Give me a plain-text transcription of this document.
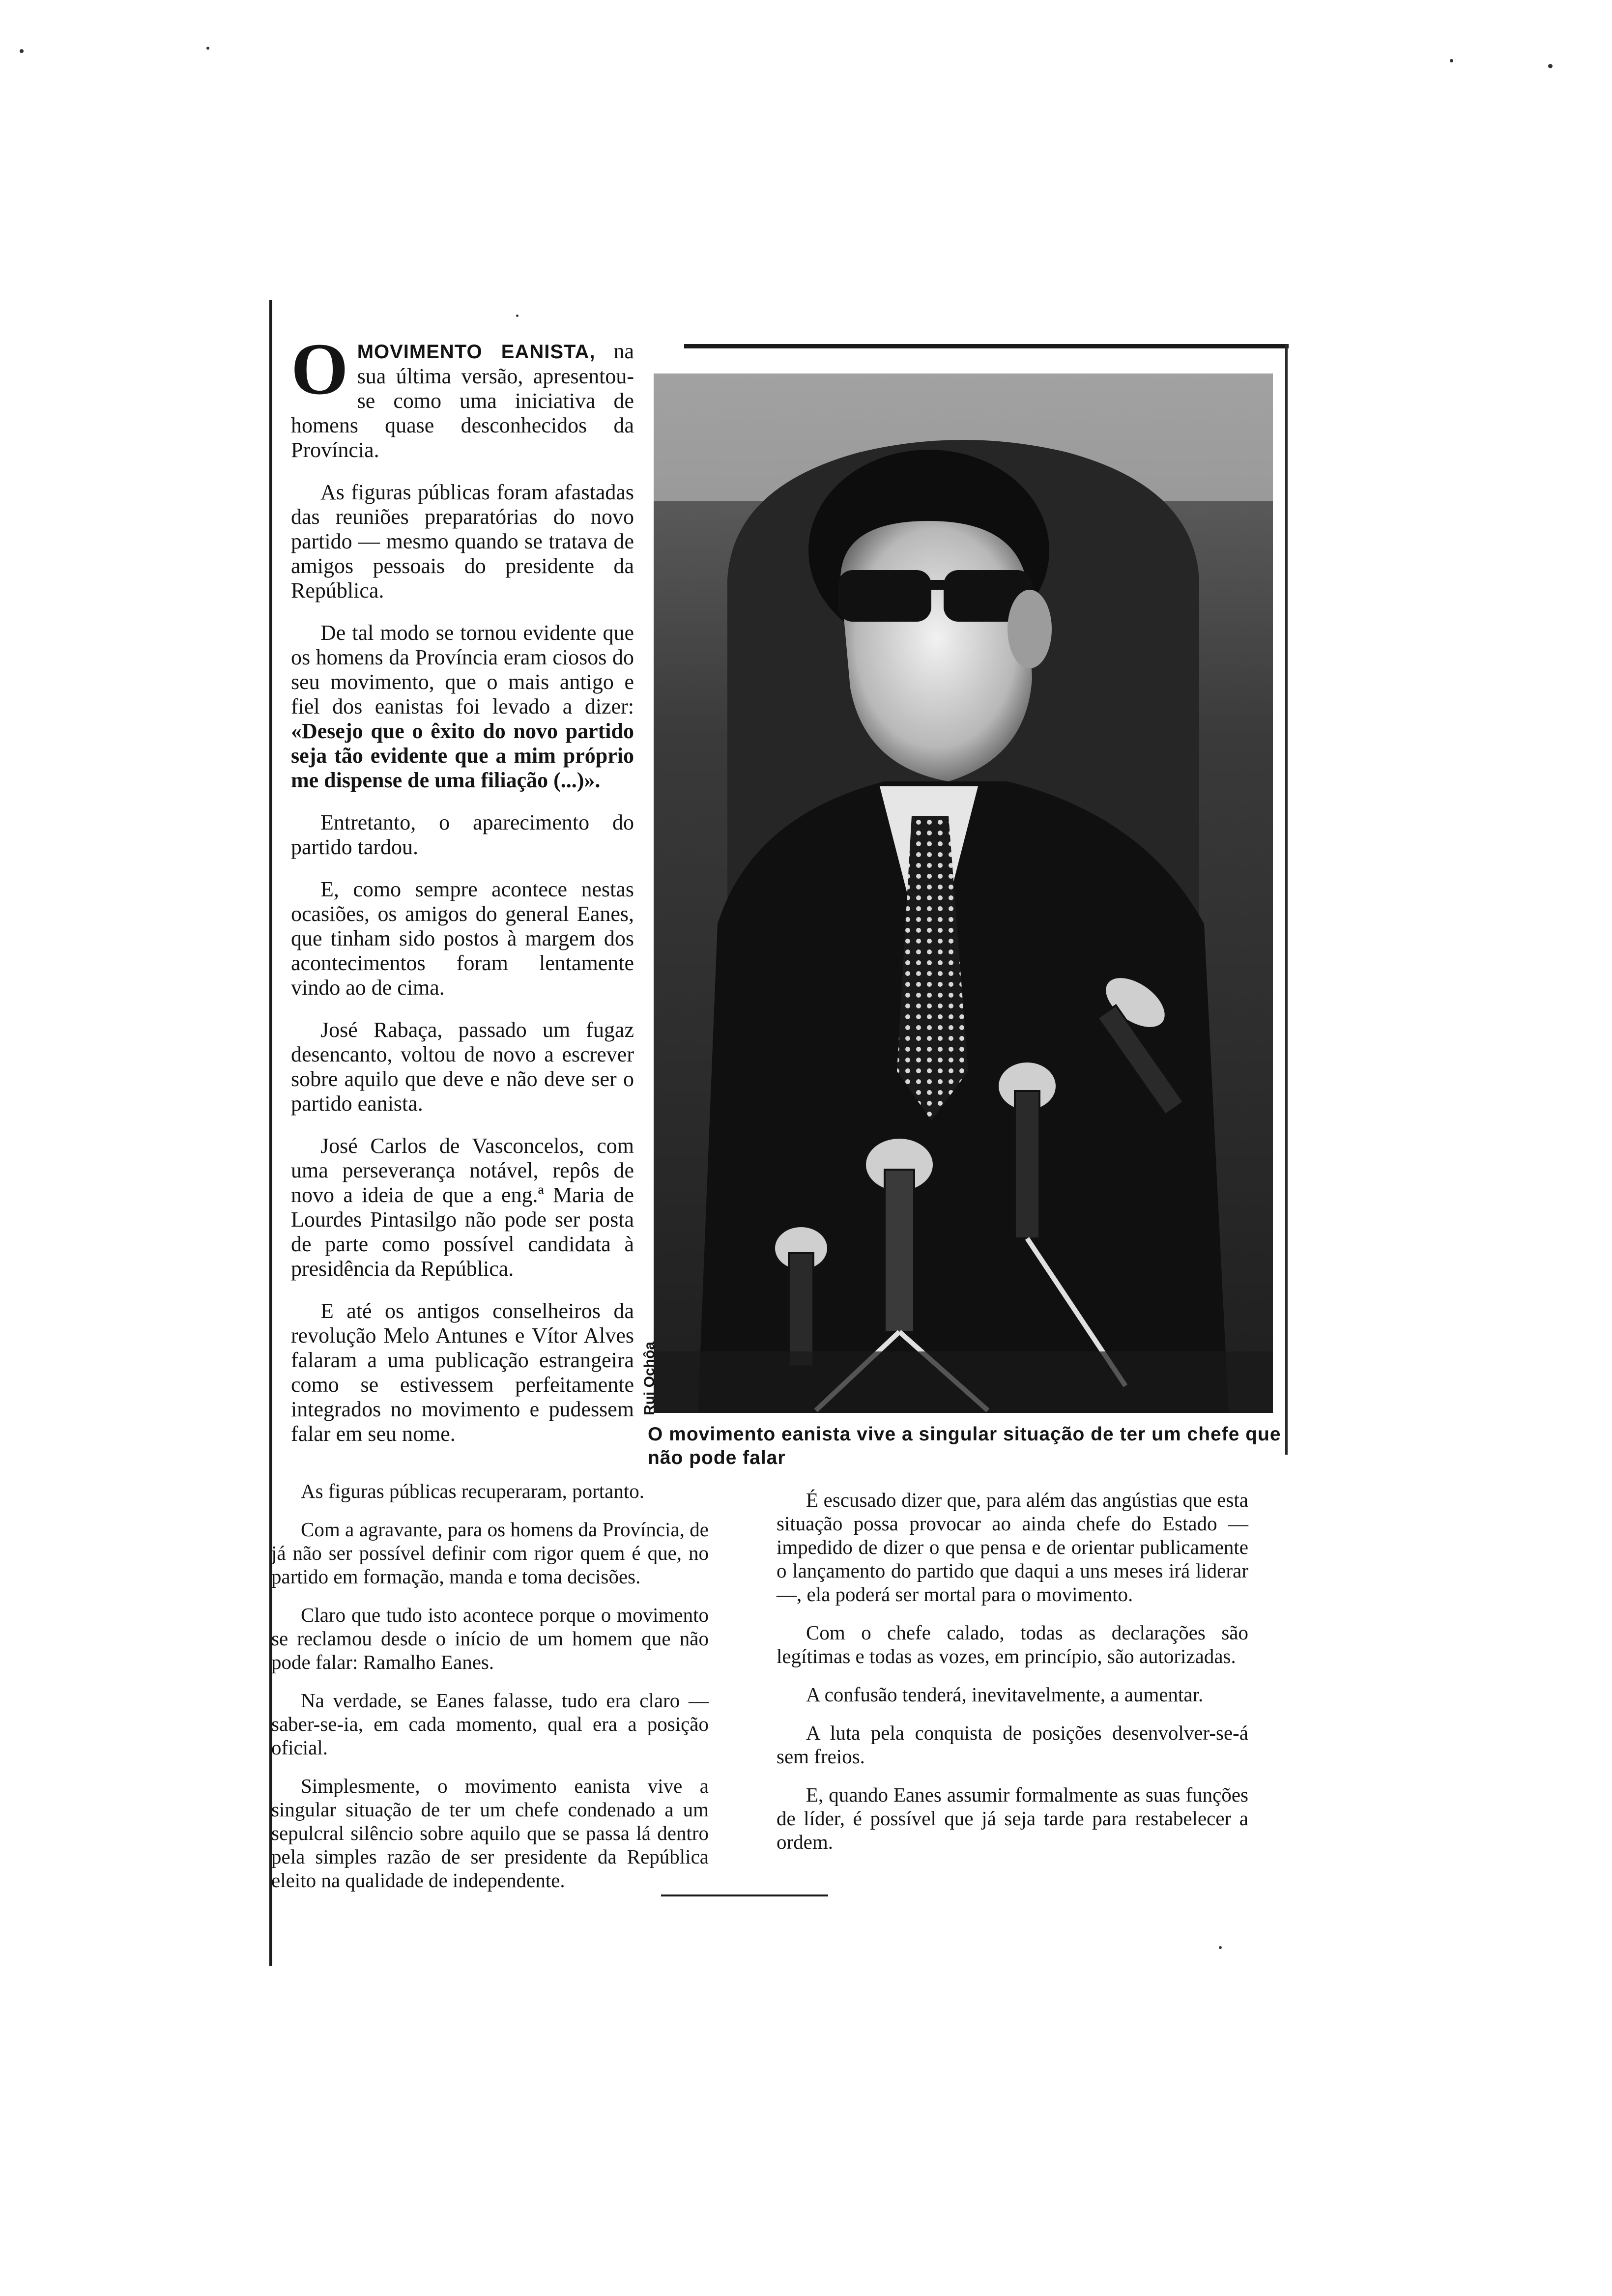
OMOVIMENTO EANISTA, na sua última versão, apresentou-se como uma iniciativa de homens quase desconhecidos da Província.

As figuras públicas foram afastadas das reuniões preparatórias do novo partido — mesmo quando se tratava de amigos pessoais do presidente da República.

De tal modo se tornou evidente que os homens da Província eram ciosos do seu movimento, que o mais antigo e fiel dos eanistas foi levado a dizer: «Desejo que o êxito do novo partido seja tão evidente que a mim próprio me dispense de uma filiação (...)».

Entretanto, o aparecimento do partido tardou.

E, como sempre acontece nestas ocasiões, os amigos do general Eanes, que tinham sido postos à margem dos acontecimentos foram lentamente vindo ao de cima.

José Rabaça, passado um fugaz desencanto, voltou de novo a escrever sobre aquilo que deve e não deve ser o partido eanista.

José Carlos de Vasconcelos, com uma perseverança notável, repôs de novo a ideia de que a eng.ª Maria de Lourdes Pintasilgo não pode ser posta de parte como possível candidata à presidência da República.

E até os antigos conselheiros da revolução Melo Antunes e Vítor Alves falaram a uma publicação estrangeira como se estivessem perfeitamente integrados no movimento e pudessem falar em seu nome.

Rui Ochôa
O movimento eanista vive a singular situação de ter um chefe que não pode falar

As figuras públicas recuperaram, portanto.

Com a agravante, para os homens da Província, de já não ser possível definir com rigor quem é que, no partido em formação, manda e toma decisões.

Claro que tudo isto acontece porque o movimento se reclamou desde o início de um homem que não pode falar: Ramalho Eanes.

Na verdade, se Eanes falasse, tudo era claro — saber-se-ia, em cada momento, qual era a posição oficial.

Simplesmente, o movimento eanista vive a singular situação de ter um chefe condenado a um sepulcral silêncio sobre aquilo que se passa lá dentro pela simples razão de ser presidente da República eleito na qualidade de independente.

É escusado dizer que, para além das angústias que esta situação possa provocar ao ainda chefe do Estado — impedido de dizer o que pensa e de orientar publicamente o lançamento do partido que daqui a uns meses irá liderar —, ela poderá ser mortal para o movimento.

Com o chefe calado, todas as declarações são legítimas e todas as vozes, em princípio, são autorizadas.

A confusão tenderá, inevitavelmente, a aumentar.

A luta pela conquista de posições desenvolver-se-á sem freios.

E, quando Eanes assumir formalmente as suas funções de líder, é possível que já seja tarde para restabelecer a ordem.
